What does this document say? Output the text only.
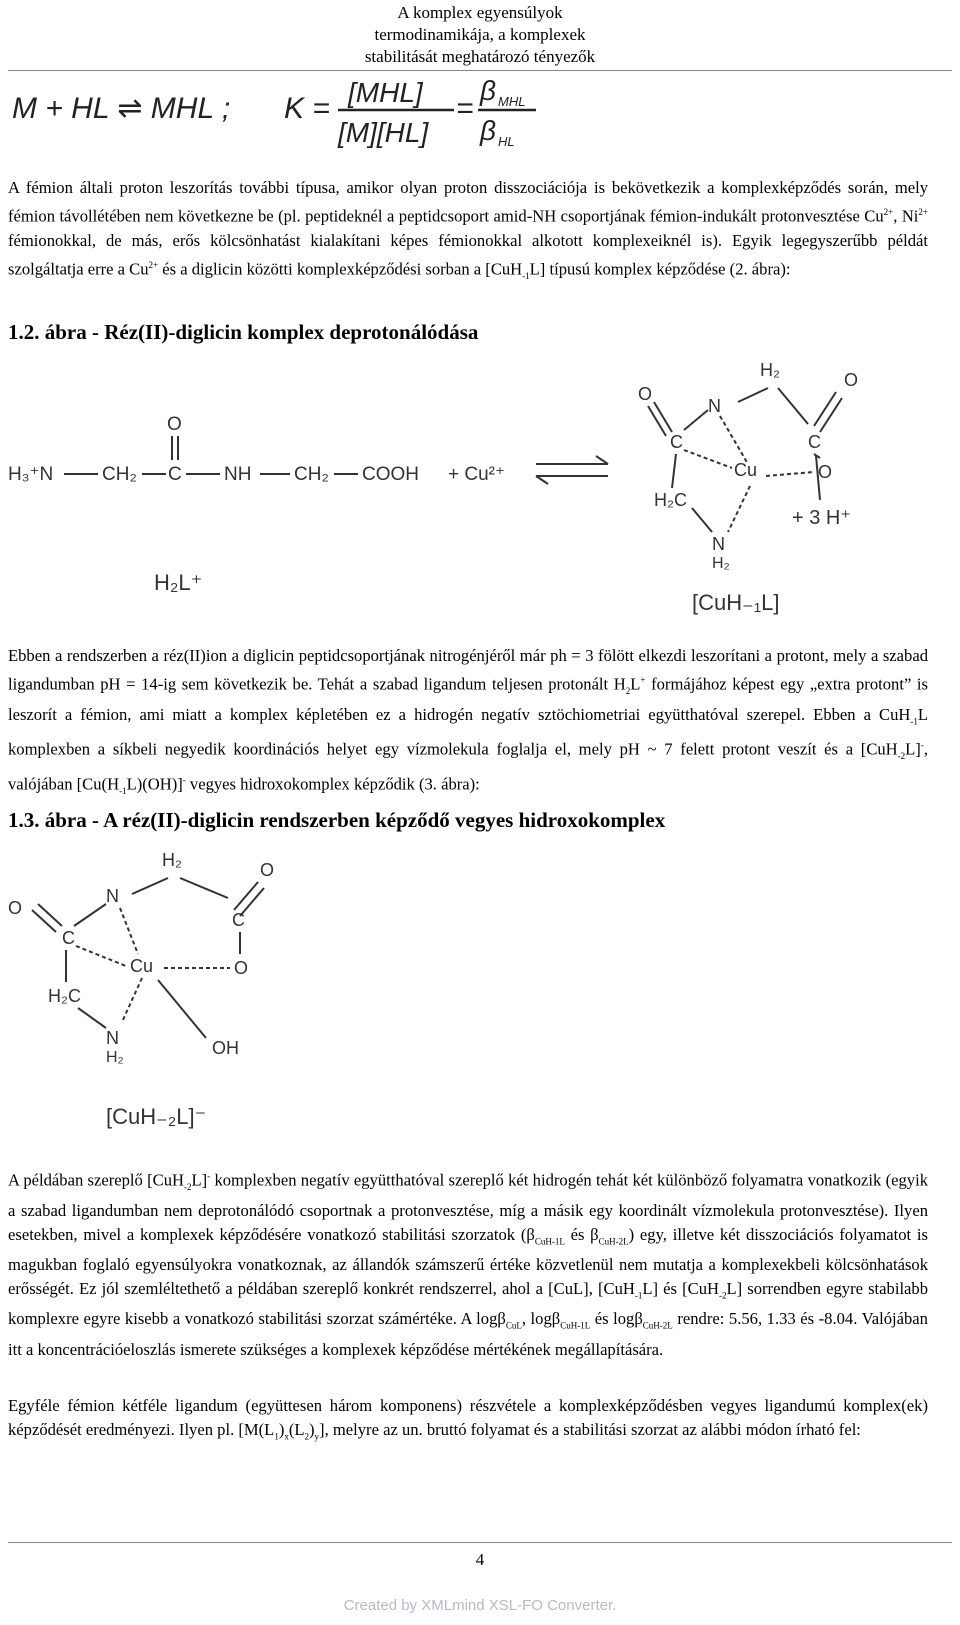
A komplex egyensúlyok
termodinamikája, a komplexek
stabilitását meghatározó tényezők
M + HL ⇌ MHL ; K = [MHL]
[M][HL]
=
β MHL
β HL
A fémion általi proton leszorítás további típusa, amikor olyan proton disszociációja is bekövetkezik a komplexképződés során, mely fémion távollétében nem következne be (pl. peptideknél a peptidcsoport amid-NH csoportjának fémion-indukált protonvesztése $Cu^{2+}$, $Ni^{2+}$ fémionokkal, de más, erős kölcsönhatást kialakítani képes fémionokkal alkotott komplexeiknél is). Egyik legegyszerűbb példát szolgáltatja erre a $Cu^{2+}$ és a diglicin közötti komplexképződési sorban a [CuH$_{-1}$L] típusú komplex képződése (2. ábra):
1.2. ábra - Réz(II)-diglicin komplex deprotonálódása
H₃⁺N	CH₂ C
O
NH CH₂ COOH + Cu²⁺
H₂L⁺
H₂	O
N
C
O
C
O
Cu
H₂C
N
H₂
+ 3 H⁺
[CuH₋₁L]
Ebben a rendszerben a réz(II)ion a diglicin peptidcsoportjának nitrogénjéről már ph = 3 fölött elkezdi leszorítani a protont, mely a szabad ligandumban pH = 14-ig sem következik be. Tehát a szabad ligandum teljesen protonált $H_2L^+$ formájához képest egy „extra protont” is leszorít a fémion, ami miatt a komplex képletében ez a hidrogén negatív sztöchiometriai együtthatóval szerepel. Ebben a CuH$_{-1}$L komplexben a síkbeli negyedik koordinációs helyet egy vízmolekula foglalja el, mely pH ~ 7 felett protont veszít és a [CuH$_{-2}$L]-, valójában $[Cu(H_{-1}L)(OH)]^-$ vegyes hidroxokomplex képződik (3. ábra):
1.3. ábra - A réz(II)-diglicin rendszerben képződő vegyes hidroxokomplex
H₂
N
O
C
O
C
O
Cu
H₂C
N
H₂	OH
[CuH₋₂L]⁻
A példában szereplő [CuH$_{-2}$L]- komplexben negatív együtthatóval szereplő két hidrogén tehát két különböző folyamatra vonatkozik (egyik a szabad ligandumban nem deprotonálódó csoportnak a protonvesztése, míg a másik egy koordinált vízmolekula protonvesztése). Ilyen esetekben, mivel a komplexek képződésére vonatkozó stabilitási szorzatok ($\beta_{CuH-1L}$ és $\beta_{CuH-2L}$) egy, illetve két disszociációs folyamatot is magukban foglaló egyensúlyokra vonatkoznak, az állandók számszerű értéke közvetlenül nem mutatja a komplexekbeli kölcsönhatások erősségét. Ez jól szemléltethető a példában szereplő konkrét rendszerrel, ahol a [CuL], [CuH$_{-1}$L] és [CuH$_{-2}$L] sorrendben egyre stabilabb komplexre egyre kisebb a vonatkozó stabilitási szorzat számértéke. A logβ$_{CuL}$, logβ$_{CuH-1L}$ és logβ$_{CuH-2L}$ rendre: 5.56, 1.33 és -8.04. Valójában itt a koncentrációeloszlás ismerete szükséges a komplexek képződése mértékének megállapítására.
Egyféle fémion kétféle ligandum (együttesen három komponens) részvétele a komplexképződésben vegyes ligandumú komplex(ek) képződését eredményezi. Ilyen pl. $[M(L_1)_x(L_2)_y]$, melyre az un. bruttó folyamat és a stabilitási szorzat az alábbi módon írható fel:
4
Created by XMLmind XSL-FO Converter.
